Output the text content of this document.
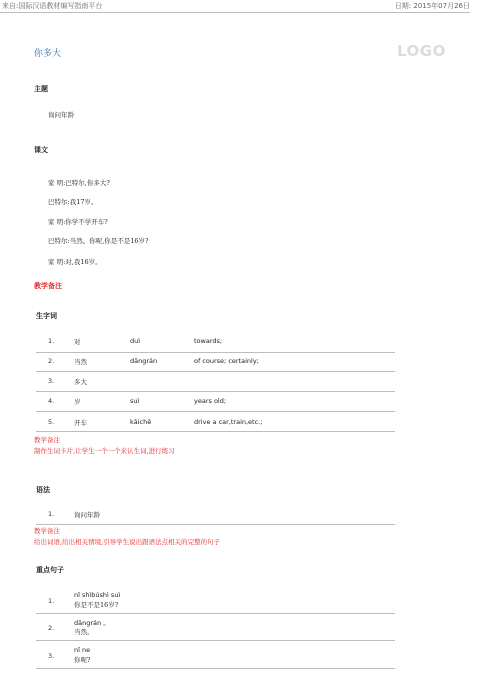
来自:国际汉语教材编写指南平台	日期: 2015年07月26日
你多大	LOGO
主题
询问年龄
课文
家 明:巴特尔,你多大?
巴特尔:我17岁。
家 明:你学不学开车?
巴特尔:当然。你呢,你是不是16岁?
家 明:对,我16岁。
教学备注
生字词
1.	对	duì	towards;
2.	当然	dāngrán	of course; certainly;
3.	多大
4.	岁	suì	years old;
5.	开车	kāichē	drive a car,train,etc.;
教学备注
制作生词卡片,让学生一个一个来认生词,进行练习
语法
1.	询问年龄
教学备注
给出词语,给出相关情境,引导学生说出跟语法点相关的完整的句子
重点句子
1.
nǐ shìbúshì suì
你是不是16岁?
2.
dāngrán 。
当然。
3.
nǐ ne
你呢?
